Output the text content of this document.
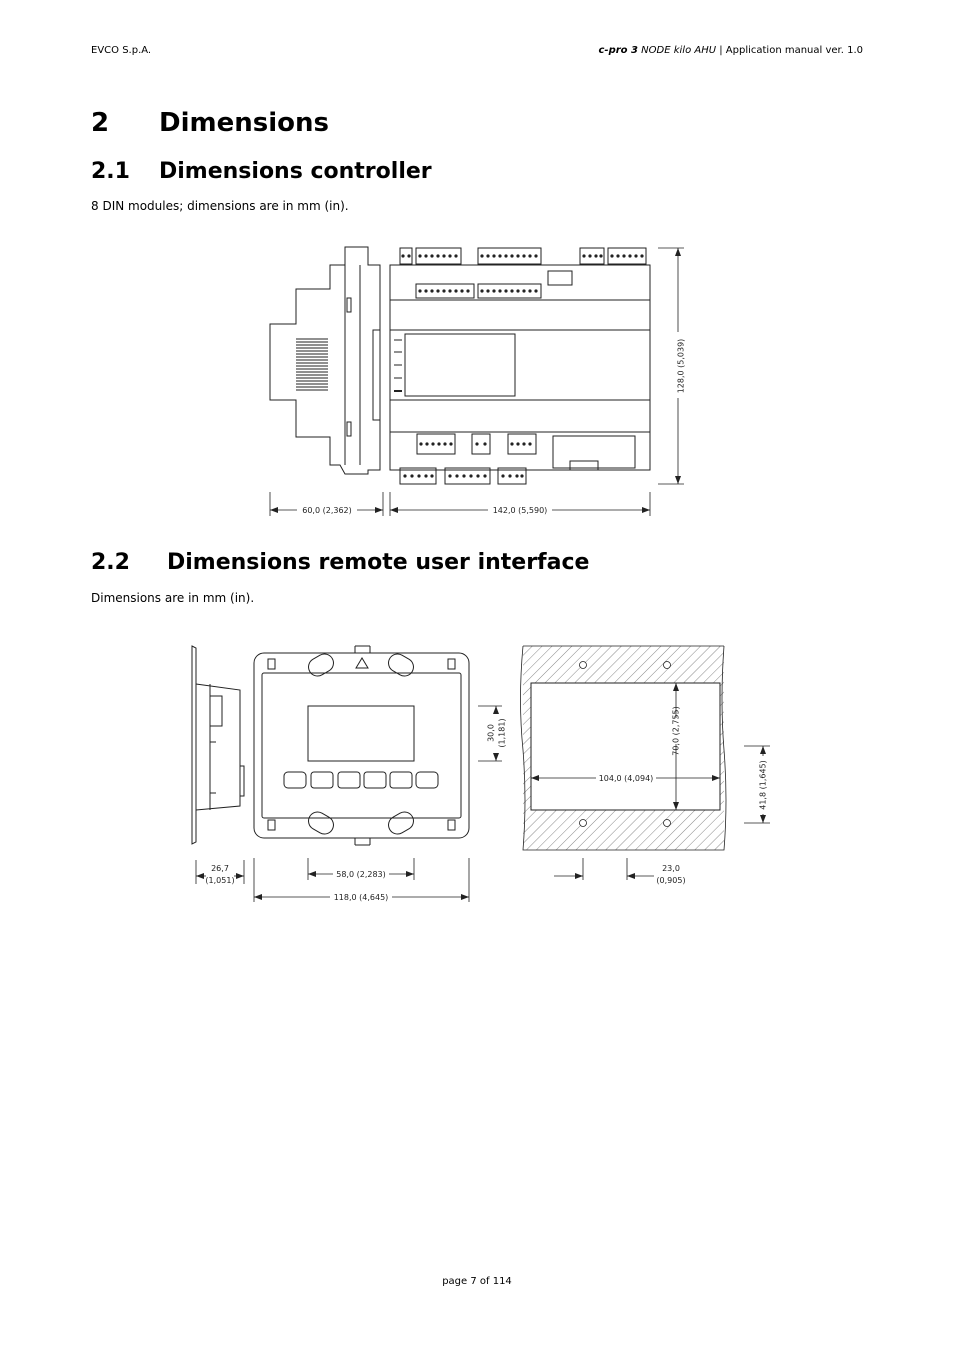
EVCO S.p.A.	c-pro 3 NODE kilo AHU | Application manual ver. 1.0
2 Dimensions
2.1 Dimensions controller
8 DIN modules; dimensions are in mm (in).
2.2 Dimensions remote user interface
Dimensions are in mm (in).
128,0 (5,039)
60,0 (2,362)	142,0 (5,590)
26,7
(1,051)
58,0 (2,283)
118,0 (4,645)
30,0 (1,181)
104,0 (4,094)
70,0 (2,755)
41,8 (1,645)
23,0
(0,905)
page 7 of 114
